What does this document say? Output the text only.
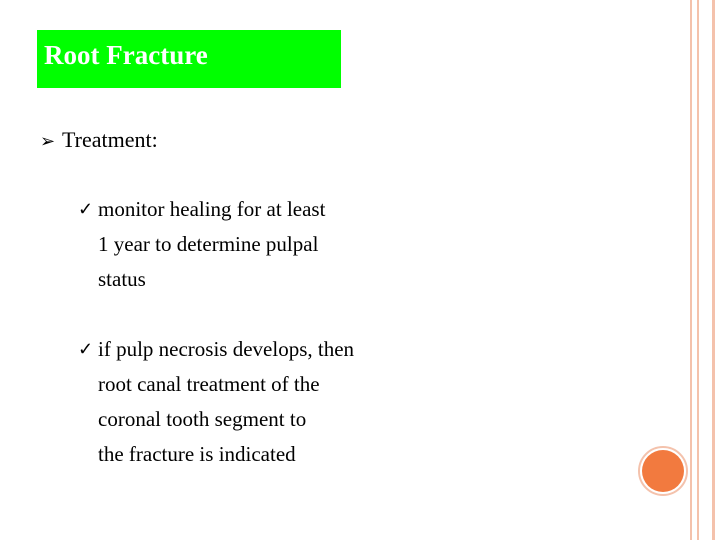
Root Fracture
➢ Treatment:
✓ monitor healing for at least
1 year to determine pulpal
status
✓ if pulp necrosis develops, then
root canal treatment of the
coronal tooth segment to
the fracture is indicated
